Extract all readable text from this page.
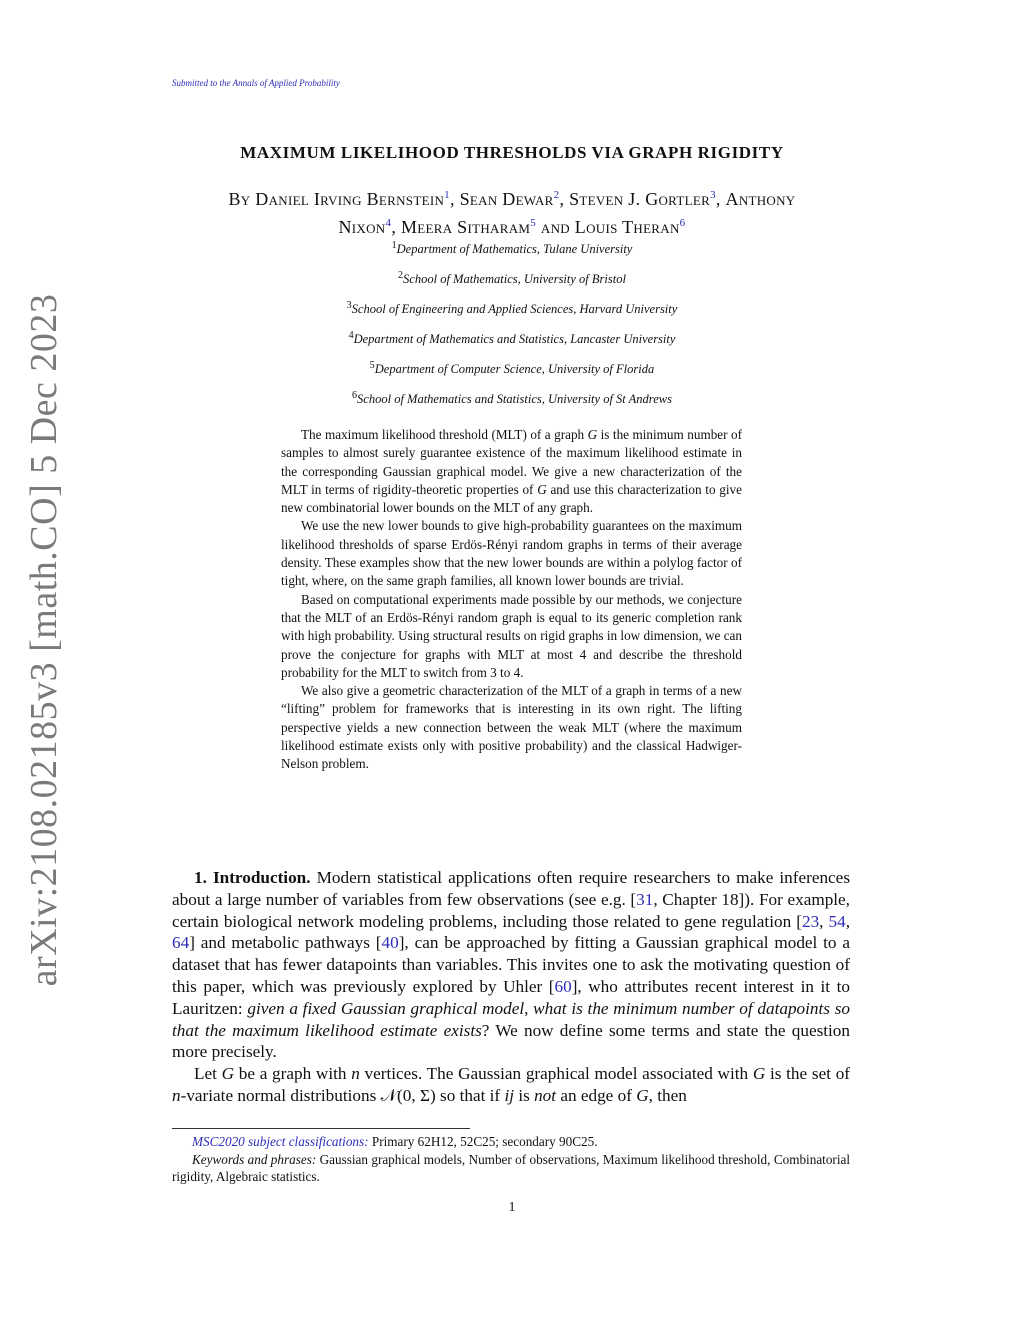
Submitted to the Annals of Applied Probability
arXiv:2108.02185v3 [math.CO] 5 Dec 2023
MAXIMUM LIKELIHOOD THRESHOLDS VIA GRAPH RIGIDITY
By Daniel Irving Bernstein$^1$, Sean Dewar$^2$, Steven J. Gortler$^3$, Anthony
Nixon$^4$, Meera Sitharam$^5$ and Louis Theran$^6$
$^1$Department of Mathematics, Tulane University
$^2$School of Mathematics, University of Bristol
$^3$School of Engineering and Applied Sciences, Harvard University
$^4$Department of Mathematics and Statistics, Lancaster University
$^5$Department of Computer Science, University of Florida
$^6$School of Mathematics and Statistics, University of St Andrews

The maximum likelihood threshold (MLT) of a graph G is the minimum number of samples to almost surely guarantee existence of the maximum likelihood estimate in the corresponding Gaussian graphical model. We give a new characterization of the MLT in terms of rigidity-theoretic properties of G and use this characterization to give new combinatorial lower bounds on the MLT of any graph.

We use the new lower bounds to give high-probability guarantees on the maximum likelihood thresholds of sparse Erdös-Rényi random graphs in terms of their average density. These examples show that the new lower bounds are within a polylog factor of tight, where, on the same graph families, all known lower bounds are trivial.

Based on computational experiments made possible by our methods, we conjecture that the MLT of an Erdös-Rényi random graph is equal to its generic completion rank with high probability. Using structural results on rigid graphs in low dimension, we can prove the conjecture for graphs with MLT at most 4 and describe the threshold probability for the MLT to switch from 3 to 4.

We also give a geometric characterization of the MLT of a graph in terms of a new “lifting” problem for frameworks that is interesting in its own right. The lifting perspective yields a new connection between the weak MLT (where the maximum likelihood estimate exists only with positive probability) and the classical Hadwiger-Nelson problem.

1. Introduction. Modern statistical applications often require researchers to make inferences about a large number of variables from few observations (see e.g. [31, Chapter 18]). For example, certain biological network modeling problems, including those related to gene regulation [23, 54, 64] and metabolic pathways [40], can be approached by fitting a Gaussian graphical model to a dataset that has fewer datapoints than variables. This invites one to ask the motivating question of this paper, which was previously explored by Uhler [60], who attributes recent interest in it to Lauritzen: given a fixed Gaussian graphical model, what is the minimum number of datapoints so that the maximum likelihood estimate exists? We now define some terms and state the question more precisely.

Let G be a graph with n vertices. The Gaussian graphical model associated with G is the set of n-variate normal distributions 𝒩(0, Σ) so that if ij is not an edge of G, then

MSC2020 subject classifications: Primary 62H12, 52C25; secondary 90C25.

Keywords and phrases: Gaussian graphical models, Number of observations, Maximum likelihood threshold, Combinatorial rigidity, Algebraic statistics.

1
